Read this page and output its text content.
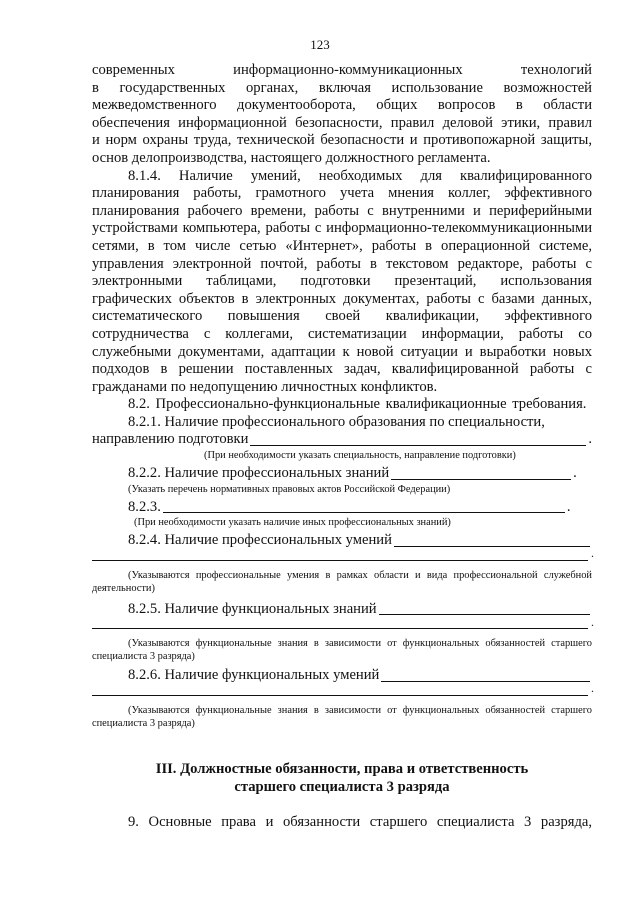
123

современных информационно-коммуникационных технологий

в государственных органах, включая использование возможностей

межведомственного документооборота, общих вопросов в области

обеспечения информационной безопасности, правил деловой этики, правил

и норм охраны труда, технической безопасности и противопожарной защиты,

основ делопроизводства, настоящего должностного регламента.

8.1.4. Наличие умений, необходимых для квалифицированного планирования работы, грамотного учета мнения коллег, эффективного планирования рабочего времени, работы с внутренними и периферийными устройствами компьютера, работы с информационно-телекоммуникационными сетями, в том числе сетью «Интернет», работы в операционной системе, управления электронной почтой, работы в текстовом редакторе, работы с электронными таблицами, подготовки презентаций, использования графических объектов в электронных документах, работы с базами данных, систематического повышения своей квалификации, эффективного сотрудничества с коллегами, систематизации информации, работы со служебными документами, адаптации к новой ситуации и выработки новых подходов в решении поставленных задач, квалифицированной работы с гражданами по недопущению личностных конфликтов.

8.2. Профессионально-функциональные квалификационные требования.

8.2.1. Наличие профессионального образования по специальности,

направлению подготовки	.

(При необходимости указать специальность, направление подготовки)

8.2.2. Наличие профессиональных знаний	.

(Указать перечень нормативных правовых актов Российской Федерации)

8.2.3.	.

(При необходимости указать наличие иных профессиональных знаний)

8.2.4. Наличие профессиональных умений
.

(Указываются профессиональные умения в рамках области и вида профессиональной служебной деятельности)

8.2.5. Наличие функциональных знаний
.

(Указываются функциональные знания в зависимости от функциональных обязанностей старшего специалиста 3 разряда)

8.2.6. Наличие функциональных умений
.

(Указываются функциональные знания в зависимости от функциональных обязанностей старшего специалиста 3 разряда)

III. Должностные обязанности, права и ответственность

старшего специалиста 3 разряда

9. Основные права и обязанности старшего специалиста 3 разряда,
